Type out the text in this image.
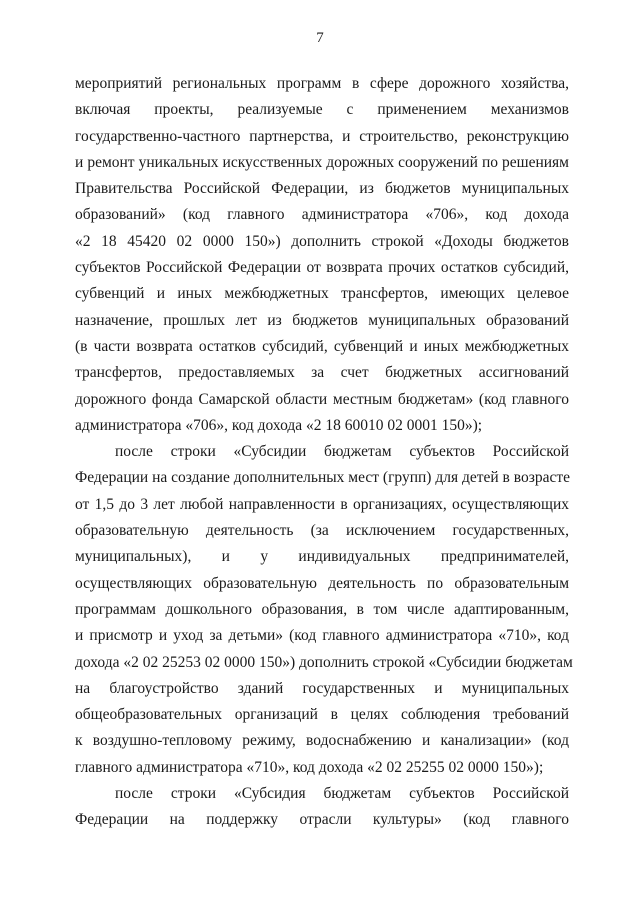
7
мероприятий региональных программ в сфере дорожного хозяйства,
включая проекты, реализуемые с применением механизмов
государственно-частного партнерства, и строительство, реконструкцию
и ремонт уникальных искусственных дорожных сооружений по решениям
Правительства Российской Федерации, из бюджетов муниципальных
образований» (код главного администратора «706», код дохода
«2 18 45420 02 0000 150») дополнить строкой «Доходы бюджетов
субъектов Российской Федерации от возврата прочих остатков субсидий,
субвенций и иных межбюджетных трансфертов, имеющих целевое
назначение, прошлых лет из бюджетов муниципальных образований
(в части возврата остатков субсидий, субвенций и иных межбюджетных
трансфертов, предоставляемых за счет бюджетных ассигнований
дорожного фонда Самарской области местным бюджетам» (код главного
администратора «706», код дохода «2 18 60010 02 0001 150»);
после строки «Субсидии бюджетам субъектов Российской
Федерации на создание дополнительных мест (групп) для детей в возрасте
от 1,5 до 3 лет любой направленности в организациях, осуществляющих
образовательную деятельность (за исключением государственных,
муниципальных), и у индивидуальных предпринимателей,
осуществляющих образовательную деятельность по образовательным
программам дошкольного образования, в том числе адаптированным,
и присмотр и уход за детьми» (код главного администратора «710», код
дохода «2 02 25253 02 0000 150») дополнить строкой «Субсидии бюджетам
на благоустройство зданий государственных и муниципальных
общеобразовательных организаций в целях соблюдения требований
к воздушно-тепловому режиму, водоснабжению и канализации» (код
главного администратора «710», код дохода «2 02 25255 02 0000 150»);
после строки «Субсидия бюджетам субъектов Российской
Федерации на поддержку отрасли культуры» (код главного
